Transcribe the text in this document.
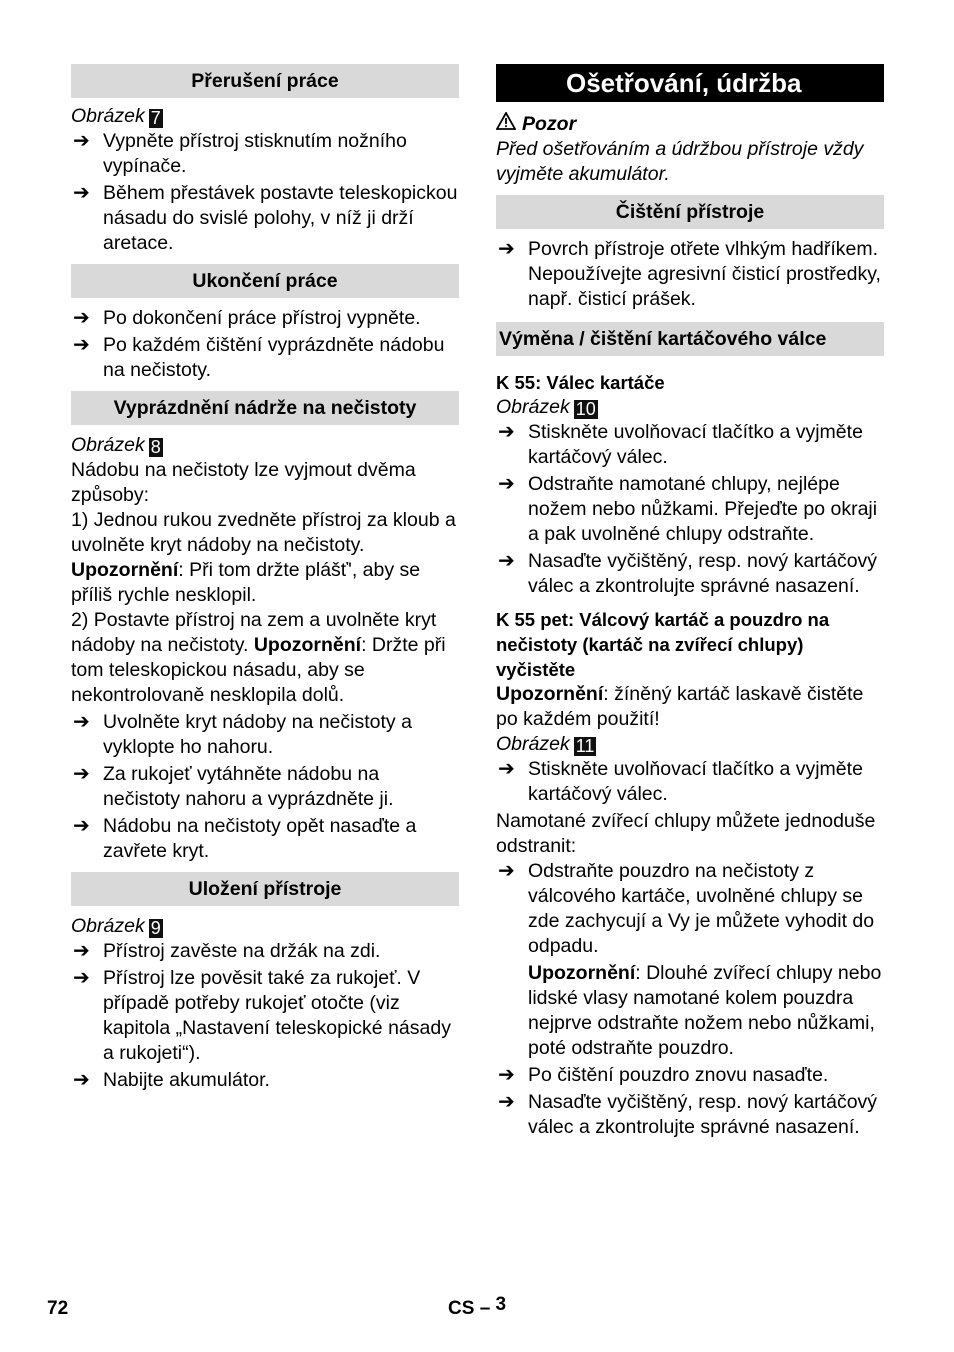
Přerušení práce

Obrázek 7

➔ Vypněte přístroj stisknutím nožního vypínače.
➔ Během přestávek postavte teleskopickou násadu do svislé polohy, v níž ji drží aretace.
Ukončení práce
➔ Po dokončení práce přístroj vypněte.
➔ Po každém čištění vyprázdněte nádobu na nečistoty.
Vyprázdnění nádrže na nečistoty

Obrázek 8

Nádobu na nečistoty lze vyjmout dvěma způsoby:

1) Jednou rukou zvedněte přístroj za kloub a uvolněte kryt nádoby na nečistoty.

Upozornění: Při tom držte plášť', aby se příliš rychle nesklopil.

2) Postavte přístroj na zem a uvolněte kryt nádoby na nečistoty. Upozornění: Držte při tom teleskopickou násadu, aby se nekontrolovaně nesklopila dolů.

➔ Uvolněte kryt nádoby na nečistoty a vyklopte ho nahoru.
➔ Za rukojeť vytáhněte nádobu na nečistoty nahoru a vyprázdněte ji.
➔ Nádobu na nečistoty opět nasaďte a zavřete kryt.
Uložení přístroje

Obrázek 9

➔ Přístroj zavěste na držák na zdi.
➔ Přístroj lze pověsit také za rukojeť. V případě potřeby rukojeť otočte (viz kapitola „Nastavení teleskopické násady a rukojeti“).
➔ Nabijte akumulátor.
Ošetřování, údržba

Pozor

Před ošetřováním a údržbou přístroje vždy vyjměte akumulátor.

Čištění přístroje
➔ Povrch přístroje otřete vlhkým hadříkem. Nepoužívejte agresivní čisticí prostředky, např. čisticí prášek.
Výměna / čištění kartáčového válce

K 55: Válec kartáče

Obrázek 10

➔ Stiskněte uvolňovací tlačítko a vyjměte kartáčový válec.
➔ Odstraňte namotané chlupy, nejlépe nožem nebo nůžkami. Přejeďte po okraji a pak uvolněné chlupy odstraňte.
➔ Nasaďte vyčištěný, resp. nový kartáčový válec a zkontrolujte správné nasazení.

K 55 pet: Válcový kartáč a pouzdro na nečistoty (kartáč na zvířecí chlupy) vyčistěte

Upozornění: žíněný kartáč laskavě čistěte po každém použití!

Obrázek 11

➔ Stiskněte uvolňovací tlačítko a vyjměte kartáčový válec.

Namotané zvířecí chlupy můžete jednoduše odstranit:

➔ Odstraňte pouzdro na nečistoty z válcového kartáče, uvolněné chlupy se zde zachycují a Vy je můžete vyhodit do odpadu.
Upozornění: Dlouhé zvířecí chlupy nebo lidské vlasy namotané kolem pouzdra nejprve odstraňte nožem nebo nůžkami, poté odstraňte pouzdro.
➔ Po čištění pouzdro znovu nasaďte.
➔ Nasaďte vyčištěný, resp. nový kartáčový válec a zkontrolujte správné nasazení.
72	CS – 3
